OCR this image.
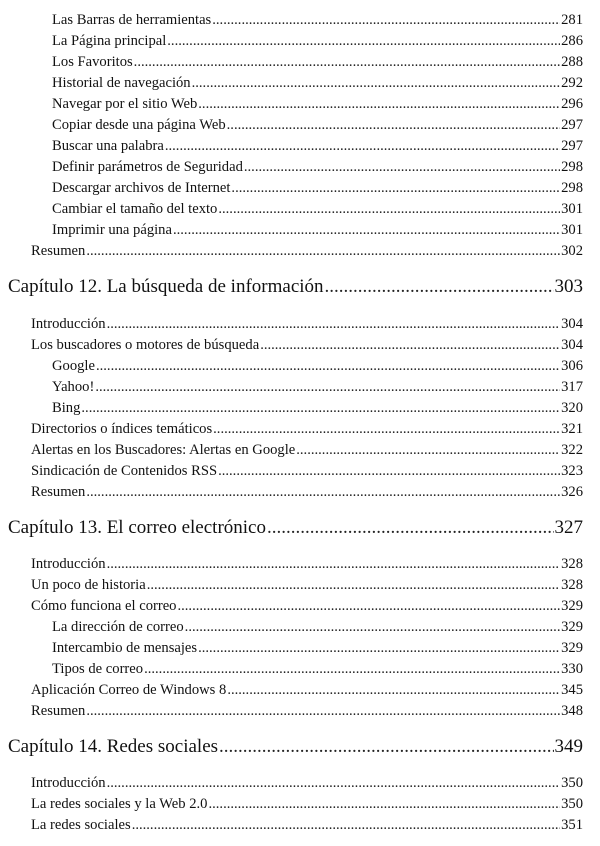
Las Barras de herramientas .....	281
La Página principal .....	286
Los Favoritos .....	288
Historial de navegación .....	292
Navegar por el sitio Web .....	296
Copiar desde una página Web .....	297
Buscar una palabra .....	297
Definir parámetros de Seguridad .....	298
Descargar archivos de Internet .....	298
Cambiar el tamaño del texto .....	301
Imprimir una página .....	301
Resumen .....	302
Capítulo 12. La búsqueda de información .....	303
Introducción .....	304
Los buscadores o motores de búsqueda .....	304
Google .....	306
Yahoo! .....	317
Bing .....	320
Directorios o índices temáticos .....	321
Alertas en los Buscadores: Alertas en Google .....	322
Sindicación de Contenidos RSS .....	323
Resumen .....	326
Capítulo 13. El correo electrónico .....	327
Introducción .....	328
Un poco de historia .....	328
Cómo funciona el correo .....	329
La dirección de correo .....	329
Intercambio de mensajes .....	329
Tipos de correo .....	330
Aplicación Correo de Windows 8 .....	345
Resumen .....	348
Capítulo 14. Redes sociales .....	349
Introducción .....	350
La redes sociales y la Web 2.0 .....	350
La redes sociales .....	351
